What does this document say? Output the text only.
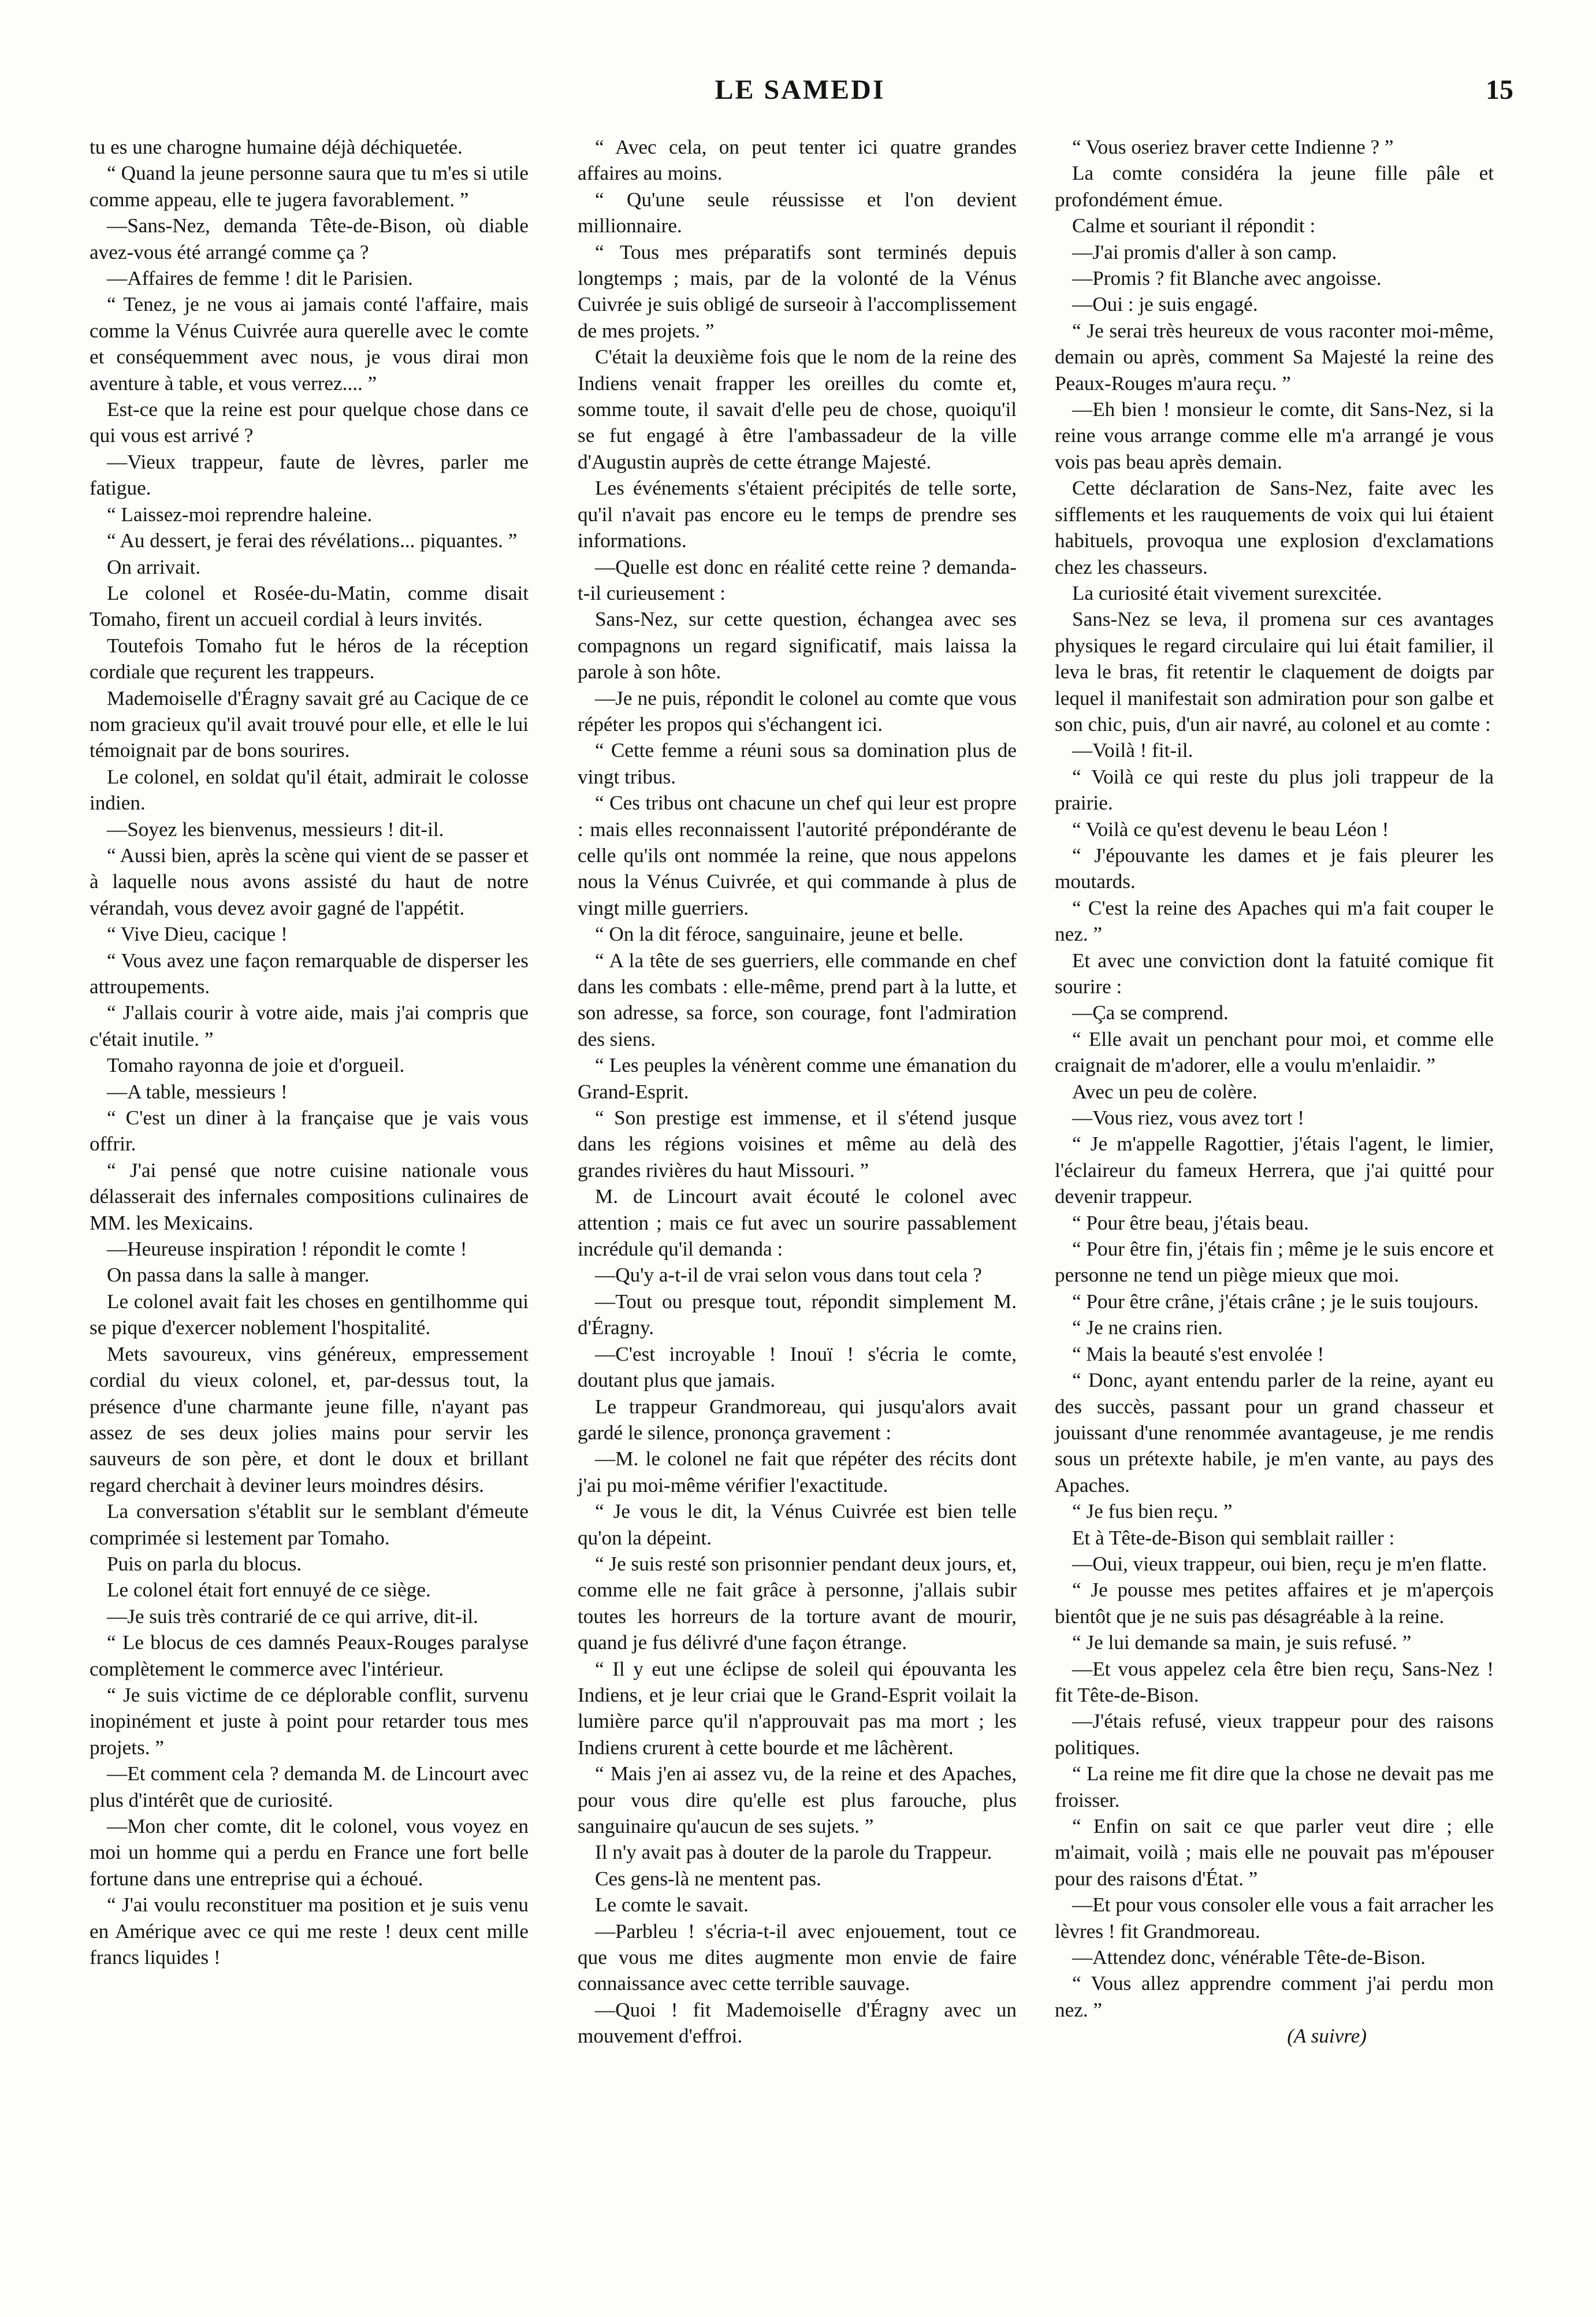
LE SAMEDI	15

tu es une charogne humaine déjà déchiquetée.

“ Quand la jeune personne saura que tu m'es si utile comme appeau, elle te jugera favorablement. ”

—Sans-Nez, demanda Tête-de-Bison, où diable avez-vous été arrangé comme ça ?

—Affaires de femme ! dit le Parisien.

“ Tenez, je ne vous ai jamais conté l'affaire, mais comme la Vénus Cuivrée aura querelle avec le comte et conséquemment avec nous, je vous dirai mon aventure à table, et vous verrez.... ”

Est-ce que la reine est pour quelque chose dans ce qui vous est arrivé ?

—Vieux trappeur, faute de lèvres, parler me fatigue.

“ Laissez-moi reprendre haleine.

“ Au dessert, je ferai des révélations... piquantes. ”

On arrivait.

Le colonel et Rosée-du-Matin, comme disait Tomaho, firent un accueil cordial à leurs invités.

Toutefois Tomaho fut le héros de la réception cordiale que reçurent les trappeurs.

Mademoiselle d'Éragny savait gré au Cacique de ce nom gracieux qu'il avait trouvé pour elle, et elle le lui témoignait par de bons sourires.

Le colonel, en soldat qu'il était, admirait le colosse indien.

—Soyez les bienvenus, messieurs ! dit-il.

“ Aussi bien, après la scène qui vient de se passer et à laquelle nous avons assisté du haut de notre vérandah, vous devez avoir gagné de l'appétit.

“ Vive Dieu, cacique !

“ Vous avez une façon remarquable de disperser les attroupements.

“ J'allais courir à votre aide, mais j'ai compris que c'était inutile. ”

Tomaho rayonna de joie et d'orgueil.

—A table, messieurs !

“ C'est un diner à la française que je vais vous offrir.

“ J'ai pensé que notre cuisine nationale vous délasserait des infernales compositions culinaires de MM. les Mexicains.

—Heureuse inspiration ! répondit le comte !

On passa dans la salle à manger.

Le colonel avait fait les choses en gentilhomme qui se pique d'exercer noblement l'hospitalité.

Mets savoureux, vins généreux, empressement cordial du vieux colonel, et, par-dessus tout, la présence d'une charmante jeune fille, n'ayant pas assez de ses deux jolies mains pour servir les sauveurs de son père, et dont le doux et brillant regard cherchait à deviner leurs moindres désirs.

La conversation s'établit sur le semblant d'émeute comprimée si lestement par Tomaho.

Puis on parla du blocus.

Le colonel était fort ennuyé de ce siège.

—Je suis très contrarié de ce qui arrive, dit-il.

“ Le blocus de ces damnés Peaux-Rouges paralyse complètement le commerce avec l'intérieur.

“ Je suis victime de ce déplorable conflit, survenu inopinément et juste à point pour retarder tous mes projets. ”

—Et comment cela ? demanda M. de Lincourt avec plus d'intérêt que de curiosité.

—Mon cher comte, dit le colonel, vous voyez en moi un homme qui a perdu en France une fort belle fortune dans une entreprise qui a échoué.

“ J'ai voulu reconstituer ma position et je suis venu en Amérique avec ce qui me reste ! deux cent mille francs liquides !

“ Avec cela, on peut tenter ici quatre grandes affaires au moins.

“ Qu'une seule réussisse et l'on devient millionnaire.

“ Tous mes préparatifs sont terminés depuis longtemps ; mais, par de la volonté de la Vénus Cuivrée je suis obligé de surseoir à l'accomplissement de mes projets. ”

C'était la deuxième fois que le nom de la reine des Indiens venait frapper les oreilles du comte et, somme toute, il savait d'elle peu de chose, quoiqu'il se fut engagé à être l'ambassadeur de la ville d'Augustin auprès de cette étrange Majesté.

Les événements s'étaient précipités de telle sorte, qu'il n'avait pas encore eu le temps de prendre ses informations.

—Quelle est donc en réalité cette reine ? demanda-t-il curieusement :

Sans-Nez, sur cette question, échangea avec ses compagnons un regard significatif, mais laissa la parole à son hôte.

—Je ne puis, répondit le colonel au comte que vous répéter les propos qui s'échangent ici.

“ Cette femme a réuni sous sa domination plus de vingt tribus.

“ Ces tribus ont chacune un chef qui leur est propre : mais elles reconnaissent l'autorité prépondérante de celle qu'ils ont nommée la reine, que nous appelons nous la Vénus Cuivrée, et qui commande à plus de vingt mille guerriers.

“ On la dit féroce, sanguinaire, jeune et belle.

“ A la tête de ses guerriers, elle commande en chef dans les combats : elle-même, prend part à la lutte, et son adresse, sa force, son courage, font l'admiration des siens.

“ Les peuples la vénèrent comme une émanation du Grand-Esprit.

“ Son prestige est immense, et il s'étend jusque dans les régions voisines et même au delà des grandes rivières du haut Missouri. ”

M. de Lincourt avait écouté le colonel avec attention ; mais ce fut avec un sourire passablement incrédule qu'il demanda :

—Qu'y a-t-il de vrai selon vous dans tout cela ?

—Tout ou presque tout, répondit simplement M. d'Éragny.

—C'est incroyable ! Inouï ! s'écria le comte, doutant plus que jamais.

Le trappeur Grandmoreau, qui jusqu'alors avait gardé le silence, prononça gravement :

—M. le colonel ne fait que répéter des récits dont j'ai pu moi-même vérifier l'exactitude.

“ Je vous le dit, la Vénus Cuivrée est bien telle qu'on la dépeint.

“ Je suis resté son prisonnier pendant deux jours, et, comme elle ne fait grâce à personne, j'allais subir toutes les horreurs de la torture avant de mourir, quand je fus délivré d'une façon étrange.

“ Il y eut une éclipse de soleil qui épouvanta les Indiens, et je leur criai que le Grand-Esprit voilait la lumière parce qu'il n'approuvait pas ma mort ; les Indiens crurent à cette bourde et me lâchèrent.

“ Mais j'en ai assez vu, de la reine et des Apaches, pour vous dire qu'elle est plus farouche, plus sanguinaire qu'aucun de ses sujets. ”

Il n'y avait pas à douter de la parole du Trappeur.

Ces gens-là ne mentent pas.

Le comte le savait.

—Parbleu ! s'écria-t-il avec enjouement, tout ce que vous me dites augmente mon envie de faire connaissance avec cette terrible sauvage.

—Quoi ! fit Mademoiselle d'Éragny avec un mouvement d'effroi.

“ Vous oseriez braver cette Indienne ? ”

La comte considéra la jeune fille pâle et profondément émue.

Calme et souriant il répondit :

—J'ai promis d'aller à son camp.

—Promis ? fit Blanche avec angoisse.

—Oui : je suis engagé.

“ Je serai très heureux de vous raconter moi-même, demain ou après, comment Sa Majesté la reine des Peaux-Rouges m'aura reçu. ”

—Eh bien ! monsieur le comte, dit Sans-Nez, si la reine vous arrange comme elle m'a arrangé je vous vois pas beau après demain.

Cette déclaration de Sans-Nez, faite avec les sifflements et les rauquements de voix qui lui étaient habituels, provoqua une explosion d'exclamations chez les chasseurs.

La curiosité était vivement surexcitée.

Sans-Nez se leva, il promena sur ces avantages physiques le regard circulaire qui lui était familier, il leva le bras, fit retentir le claquement de doigts par lequel il manifestait son admiration pour son galbe et son chic, puis, d'un air navré, au colonel et au comte :

—Voilà ! fit-il.

“ Voilà ce qui reste du plus joli trappeur de la prairie.

“ Voilà ce qu'est devenu le beau Léon !

“ J'épouvante les dames et je fais pleurer les moutards.

“ C'est la reine des Apaches qui m'a fait couper le nez. ”

Et avec une conviction dont la fatuité comique fit sourire :

—Ça se comprend.

“ Elle avait un penchant pour moi, et comme elle craignait de m'adorer, elle a voulu m'enlaidir. ”

Avec un peu de colère.

—Vous riez, vous avez tort !

“ Je m'appelle Ragottier, j'étais l'agent, le limier, l'éclaireur du fameux Herrera, que j'ai quitté pour devenir trappeur.

“ Pour être beau, j'étais beau.

“ Pour être fin, j'étais fin ; même je le suis encore et personne ne tend un piège mieux que moi.

“ Pour être crâne, j'étais crâne ; je le suis toujours.

“ Je ne crains rien.

“ Mais la beauté s'est envolée !

“ Donc, ayant entendu parler de la reine, ayant eu des succès, passant pour un grand chasseur et jouissant d'une renommée avantageuse, je me rendis sous un prétexte habile, je m'en vante, au pays des Apaches.

“ Je fus bien reçu. ”

Et à Tête-de-Bison qui semblait railler :

—Oui, vieux trappeur, oui bien, reçu je m'en flatte.

“ Je pousse mes petites affaires et je m'aperçois bientôt que je ne suis pas désagréable à la reine.

“ Je lui demande sa main, je suis refusé. ”

—Et vous appelez cela être bien reçu, Sans-Nez ! fit Tête-de-Bison.

—J'étais refusé, vieux trappeur pour des raisons politiques.

“ La reine me fit dire que la chose ne devait pas me froisser.

“ Enfin on sait ce que parler veut dire ; elle m'aimait, voilà ; mais elle ne pouvait pas m'épouser pour des raisons d'État. ”

—Et pour vous consoler elle vous a fait arracher les lèvres ! fit Grandmoreau.

—Attendez donc, vénérable Tête-de-Bison.

“ Vous allez apprendre comment j'ai perdu mon nez. ”

(A suivre)
